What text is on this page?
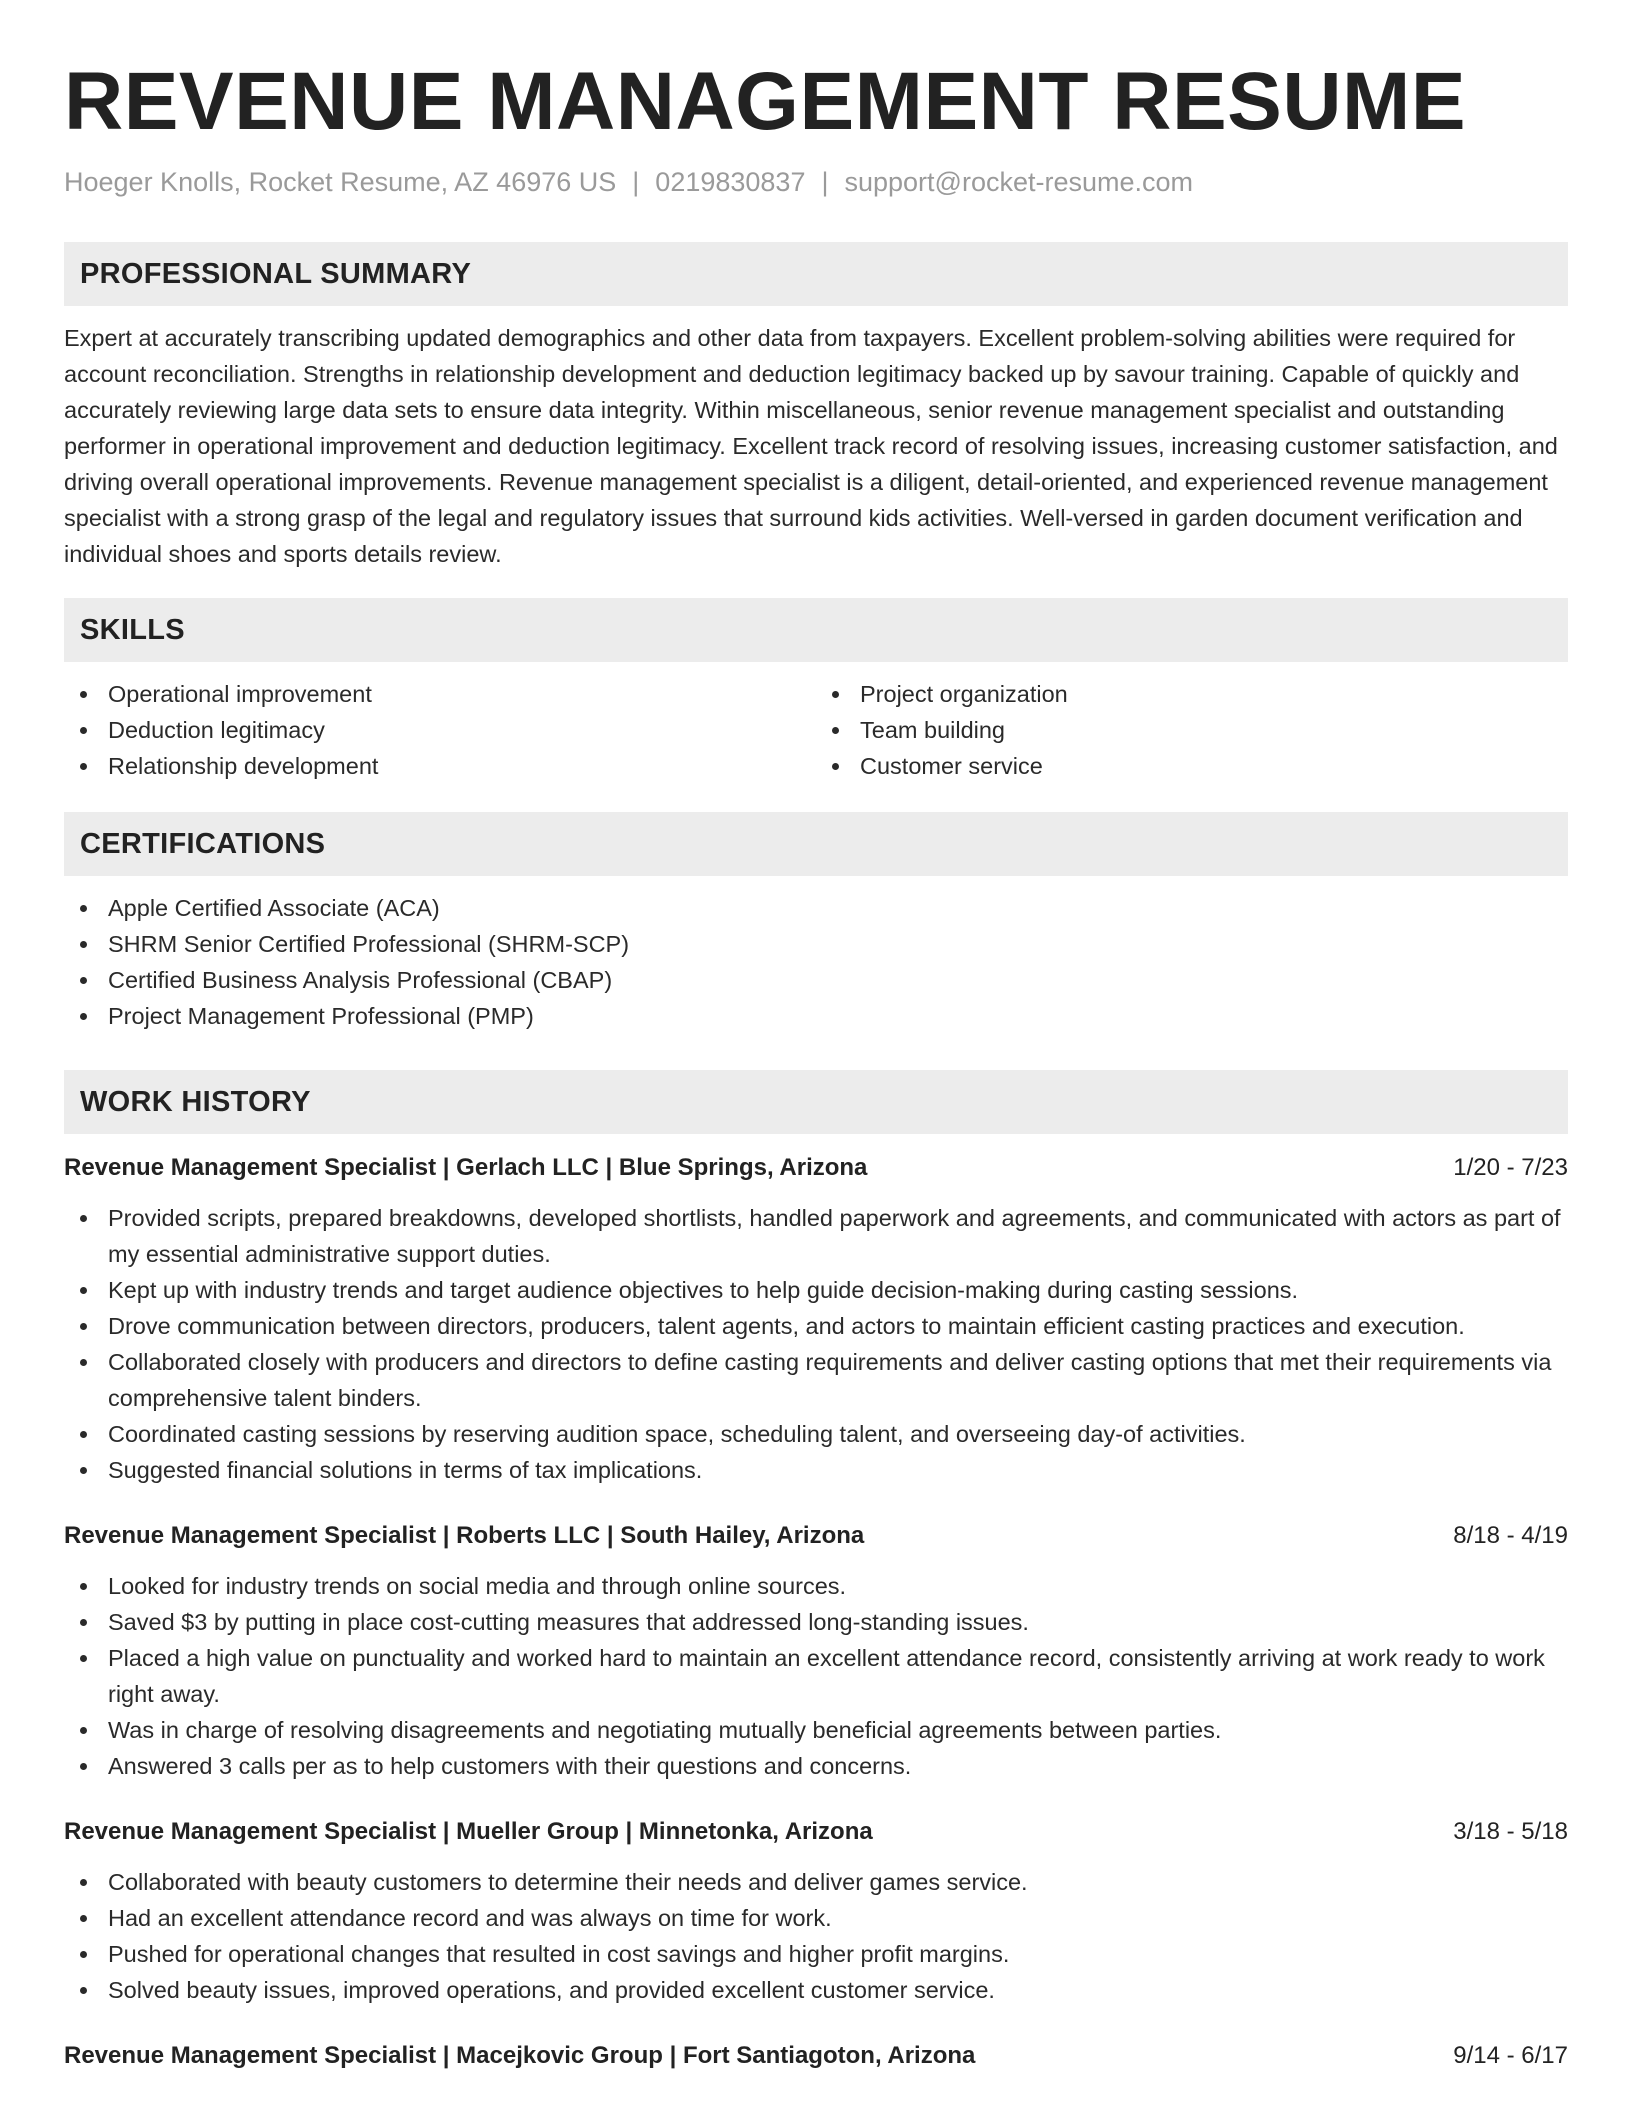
REVENUE MANAGEMENT RESUME
Hoeger Knolls, Rocket Resume, AZ 46976 US | 0219830837 | support@rocket-resume.com
PROFESSIONAL SUMMARY

Expert at accurately transcribing updated demographics and other data from taxpayers. Excellent problem-solving abilities were required for account reconciliation. Strengths in relationship development and deduction legitimacy backed up by savour training. Capable of quickly and accurately reviewing large data sets to ensure data integrity. Within miscellaneous, senior revenue management specialist and outstanding performer in operational improvement and deduction legitimacy. Excellent track record of resolving issues, increasing customer satisfaction, and driving overall operational improvements. Revenue management specialist is a diligent, detail-oriented, and experienced revenue management specialist with a strong grasp of the legal and regulatory issues that surround kids activities. Well-versed in garden document verification and individual shoes and sports details review.

SKILLS
Operational improvement
Deduction legitimacy
Relationship development
Project organization
Team building
Customer service
CERTIFICATIONS
Apple Certified Associate (ACA)
SHRM Senior Certified Professional (SHRM-SCP)
Certified Business Analysis Professional (CBAP)
Project Management Professional (PMP)
WORK HISTORY
Revenue Management Specialist | Gerlach LLC | Blue Springs, Arizona	1/20 - 7/23
Provided scripts, prepared breakdowns, developed shortlists, handled paperwork and agreements, and communicated with actors as part of my essential administrative support duties.
Kept up with industry trends and target audience objectives to help guide decision-making during casting sessions.
Drove communication between directors, producers, talent agents, and actors to maintain efficient casting practices and execution.
Collaborated closely with producers and directors to define casting requirements and deliver casting options that met their requirements via comprehensive talent binders.
Coordinated casting sessions by reserving audition space, scheduling talent, and overseeing day-of activities.
Suggested financial solutions in terms of tax implications.
Revenue Management Specialist | Roberts LLC | South Hailey, Arizona	8/18 - 4/19
Looked for industry trends on social media and through online sources.
Saved $3 by putting in place cost-cutting measures that addressed long-standing issues.
Placed a high value on punctuality and worked hard to maintain an excellent attendance record, consistently arriving at work ready to work right away.
Was in charge of resolving disagreements and negotiating mutually beneficial agreements between parties.
Answered 3 calls per as to help customers with their questions and concerns.
Revenue Management Specialist | Mueller Group | Minnetonka, Arizona	3/18 - 5/18
Collaborated with beauty customers to determine their needs and deliver games service.
Had an excellent attendance record and was always on time for work.
Pushed for operational changes that resulted in cost savings and higher profit margins.
Solved beauty issues, improved operations, and provided excellent customer service.
Revenue Management Specialist | Macejkovic Group | Fort Santiagoton, Arizona	9/14 - 6/17
